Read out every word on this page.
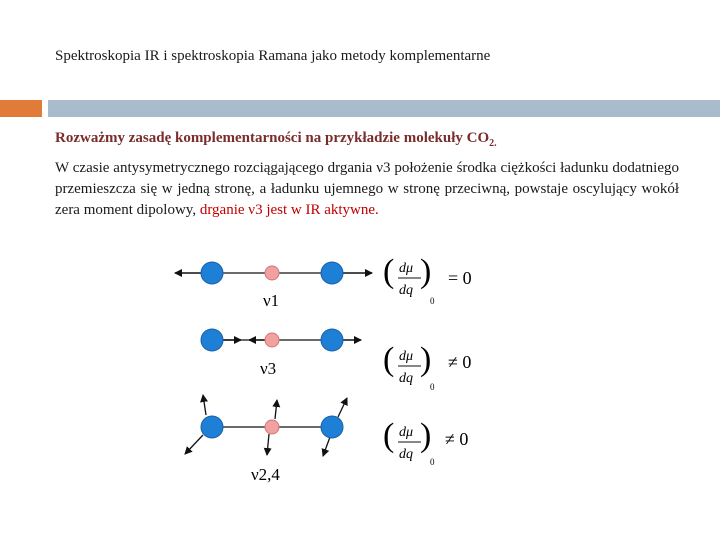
Spektroskopia IR i spektroskopia Ramana jako metody komplementarne
Rozważmy zasadę komplementarności na przykładzie molekuły $CO_{2.}$
W czasie antysymetrycznego rozciągającego drgania ν3 położenie środka ciężkości ładunku dodatniego przemieszcza się w jedną stronę, a ładunku ujemnego w stronę przeciwną, powstaje oscylujący wokół zera moment dipolowy, drganie ν3 jest w IR aktywne.
ν1
ν3
ν2,4
( dμ
dq
)
0
= 0
( dμ
dq
)
0
≠ 0
( dμ
dq
)
0
≠ 0
